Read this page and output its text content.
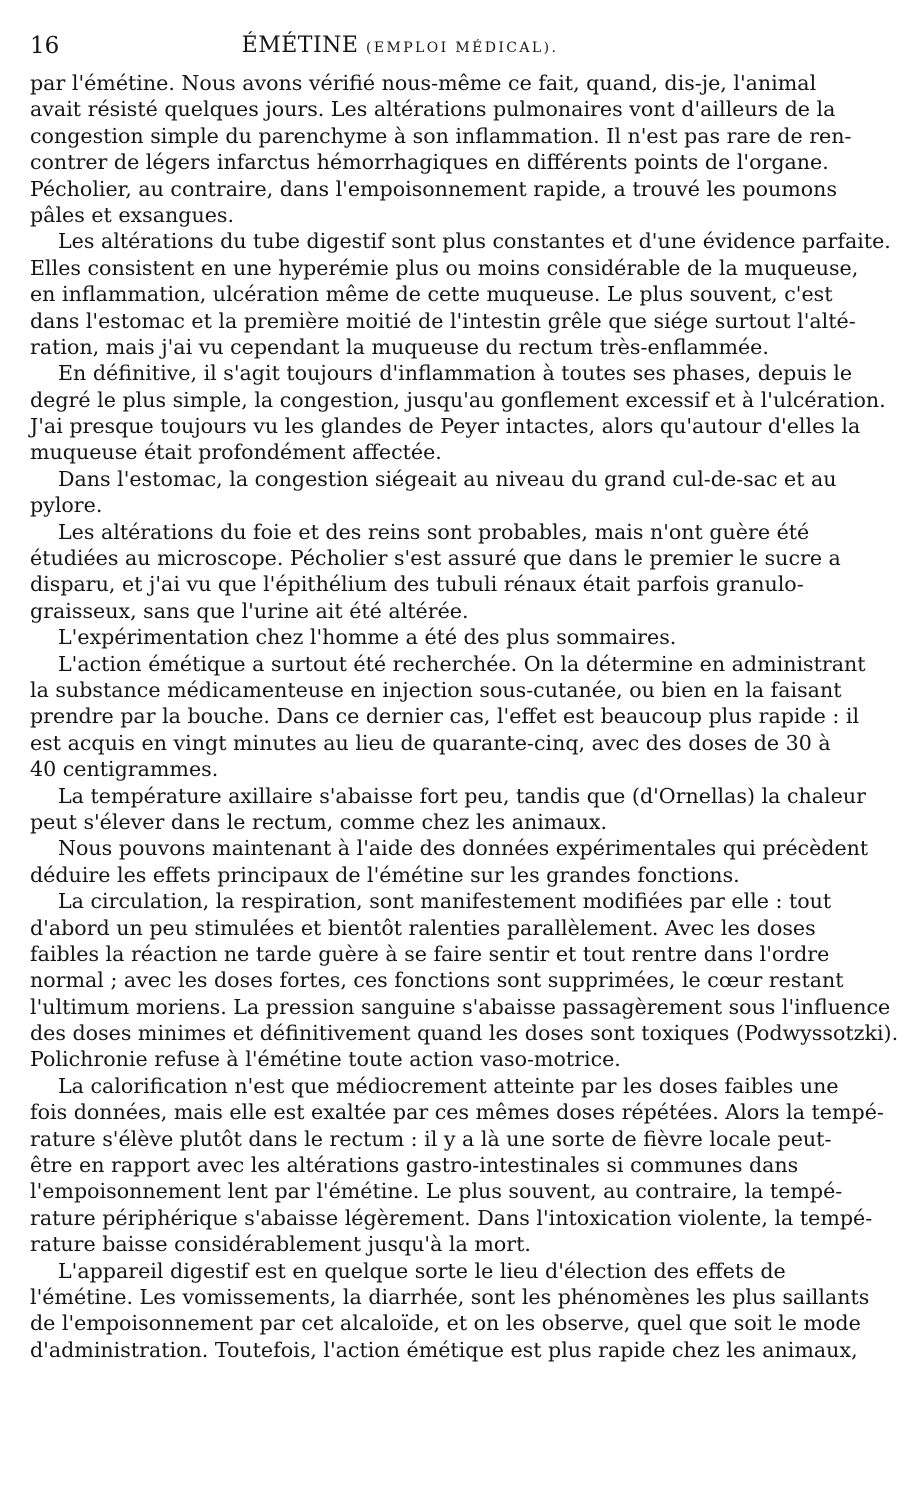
16	ÉMÉTINE (EMPLOI MÉDICAL).
par l'émétine. Nous avons vérifié nous-même ce fait, quand, dis-je, l'animal
avait résisté quelques jours. Les altérations pulmonaires vont d'ailleurs de la
congestion simple du parenchyme à son inflammation. Il n'est pas rare de ren-
contrer de légers infarctus hémorrhagiques en différents points de l'organe.
Pécholier, au contraire, dans l'empoisonnement rapide, a trouvé les poumons
pâles et exsangues.
Les altérations du tube digestif sont plus constantes et d'une évidence parfaite.
Elles consistent en une hyperémie plus ou moins considérable de la muqueuse,
en inflammation, ulcération même de cette muqueuse. Le plus souvent, c'est
dans l'estomac et la première moitié de l'intestin grêle que siége surtout l'alté-
ration, mais j'ai vu cependant la muqueuse du rectum très-enflammée.
En définitive, il s'agit toujours d'inflammation à toutes ses phases, depuis le
degré le plus simple, la congestion, jusqu'au gonflement excessif et à l'ulcération.
J'ai presque toujours vu les glandes de Peyer intactes, alors qu'autour d'elles la
muqueuse était profondément affectée.
Dans l'estomac, la congestion siégeait au niveau du grand cul-de-sac et au
pylore.
Les altérations du foie et des reins sont probables, mais n'ont guère été
étudiées au microscope. Pécholier s'est assuré que dans le premier le sucre a
disparu, et j'ai vu que l'épithélium des tubuli rénaux était parfois granulo-
graisseux, sans que l'urine ait été altérée.
L'expérimentation chez l'homme a été des plus sommaires.
L'action émétique a surtout été recherchée. On la détermine en administrant
la substance médicamenteuse en injection sous-cutanée, ou bien en la faisant
prendre par la bouche. Dans ce dernier cas, l'effet est beaucoup plus rapide : il
est acquis en vingt minutes au lieu de quarante-cinq, avec des doses de 30 à
40 centigrammes.
La température axillaire s'abaisse fort peu, tandis que (d'Ornellas) la chaleur
peut s'élever dans le rectum, comme chez les animaux.
Nous pouvons maintenant à l'aide des données expérimentales qui précèdent
déduire les effets principaux de l'émétine sur les grandes fonctions.
La circulation, la respiration, sont manifestement modifiées par elle : tout
d'abord un peu stimulées et bientôt ralenties parallèlement. Avec les doses
faibles la réaction ne tarde guère à se faire sentir et tout rentre dans l'ordre
normal ; avec les doses fortes, ces fonctions sont supprimées, le cœur restant
l'ultimum moriens. La pression sanguine s'abaisse passagèrement sous l'influence
des doses minimes et définitivement quand les doses sont toxiques (Podwyssotzki).
Polichronie refuse à l'émétine toute action vaso-motrice.
La calorification n'est que médiocrement atteinte par les doses faibles une
fois données, mais elle est exaltée par ces mêmes doses répétées. Alors la tempé-
rature s'élève plutôt dans le rectum : il y a là une sorte de fièvre locale peut-
être en rapport avec les altérations gastro-intestinales si communes dans
l'empoisonnement lent par l'émétine. Le plus souvent, au contraire, la tempé-
rature périphérique s'abaisse légèrement. Dans l'intoxication violente, la tempé-
rature baisse considérablement jusqu'à la mort.
L'appareil digestif est en quelque sorte le lieu d'élection des effets de
l'émétine. Les vomissements, la diarrhée, sont les phénomènes les plus saillants
de l'empoisonnement par cet alcaloïde, et on les observe, quel que soit le mode
d'administration. Toutefois, l'action émétique est plus rapide chez les animaux,
